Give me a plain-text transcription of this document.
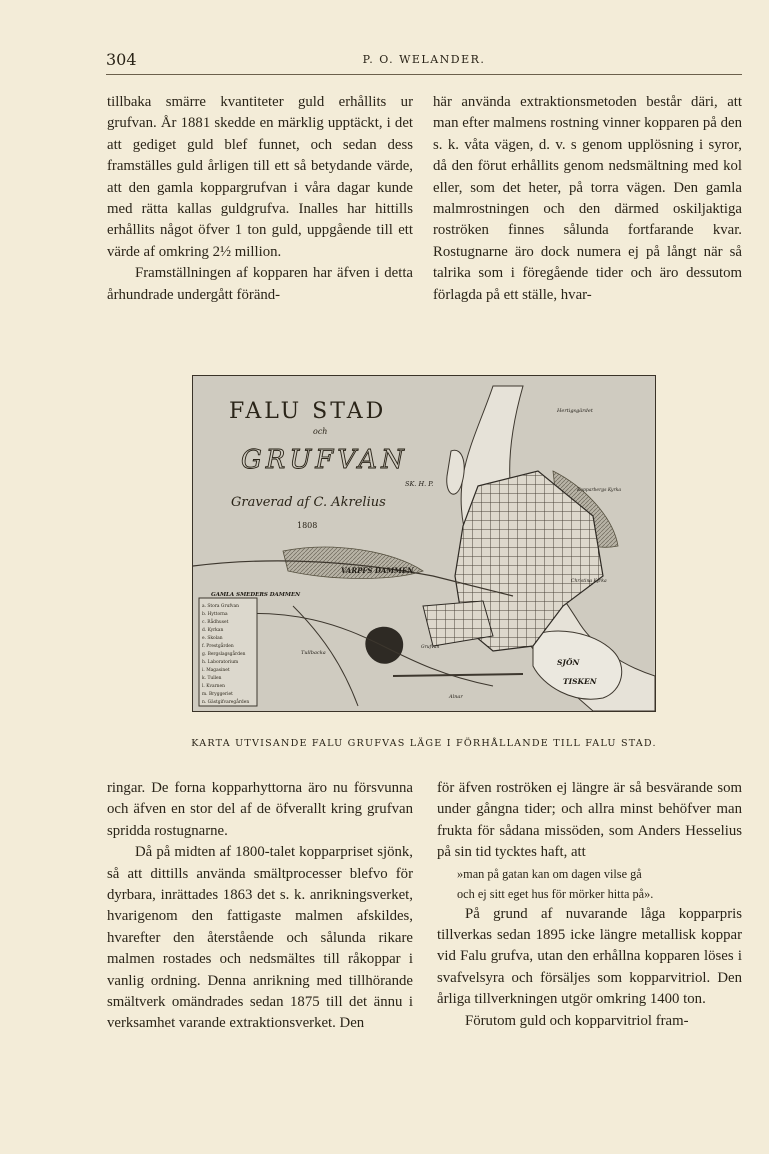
304	P. O. WELANDER.

tillbaka smärre kvantiteter guld erhållits ur grufvan. År 1881 skedde en märklig upptäckt, i det att gediget guld blef funnet, och sedan dess framställes guld årligen till ett så betydande värde, att den gamla koppargrufvan i våra dagar kunde med rätta kallas guldgrufva. Inalles har hittills erhållits något öfver 1 ton guld, uppgående till ett värde af omkring 2½ million.

Framställningen af kopparen har äfven i detta århundrade undergått föränd-

här använda extraktionsmetoden består däri, att man efter malmens rostning vinner kopparen på den s. k. våta vägen, d. v. s genom upplösning i syror, då den förut erhållits genom nedsmältning med kol eller, som det heter, på torra vägen. Den gamla malmrostningen och den därmed oskiljaktiga roströken finnes sålunda fortfarande kvar. Rostugnarne äro dock numera ej på långt när så talrika som i föregående tider och äro dessutom förlagda på ett ställe, hvar-

a. Stora Grufvan
b. Hyttorna
c. Rådhuset
d. Kyrkan
e. Skolan
f. Prestgården
g. Bergslagsgården
h. Laboratorium
i. Magasinet
k. Tullen
l. Kvarnen
m. Bryggeriet
n. Gästgifvaregården
FALU STAD
och
GRUFVAN
Graverad af C. Akrelius
1808
SK. H. P.
Kopparbergs Kyrka
Christina Kyrka
VARPFS DAMMEN
GAMLA SMEDERS DAMMEN
Tullbacka
SJÖN
TISKEN
Alnar
Hertigsgärdet
Grufvan
KARTA UTVISANDE FALU GRUFVAS LÄGE I FÖRHÅLLANDE TILL FALU STAD.

ringar. De forna kopparhyttorna äro nu försvunna och äfven en stor del af de öfverallt kring grufvan spridda rostugnarne.

Då på midten af 1800-talet kopparpriset sjönk, så att dittills använda smältprocesser blefvo för dyrbara, inrättades 1863 det s. k. anrikningsverket, hvarigenom den fattigaste malmen afskildes, hvarefter den återstående och sålunda rikare malmen rostades och nedsmältes till råkoppar i vanlig ordning. Denna anrikning med tillhörande smältverk omändrades sedan 1875 till det ännu i verksamhet varande extraktionsverket. Den

för äfven roströken ej längre är så besvärande som under gångna tider; och allra minst behöfver man frukta för sådana missöden, som Anders Hesselius på sin tid tycktes haft, att

»man på gatan kan om dagen vilse gå
och ej sitt eget hus för mörker hitta på».

På grund af nuvarande låga kopparpris tillverkas sedan 1895 icke längre metallisk koppar vid Falu grufva, utan den erhållna kopparen löses i svafvelsyra och försäljes som kopparvitriol. Den årliga tillverkningen utgör omkring 1400 ton.

Förutom guld och kopparvitriol fram-
